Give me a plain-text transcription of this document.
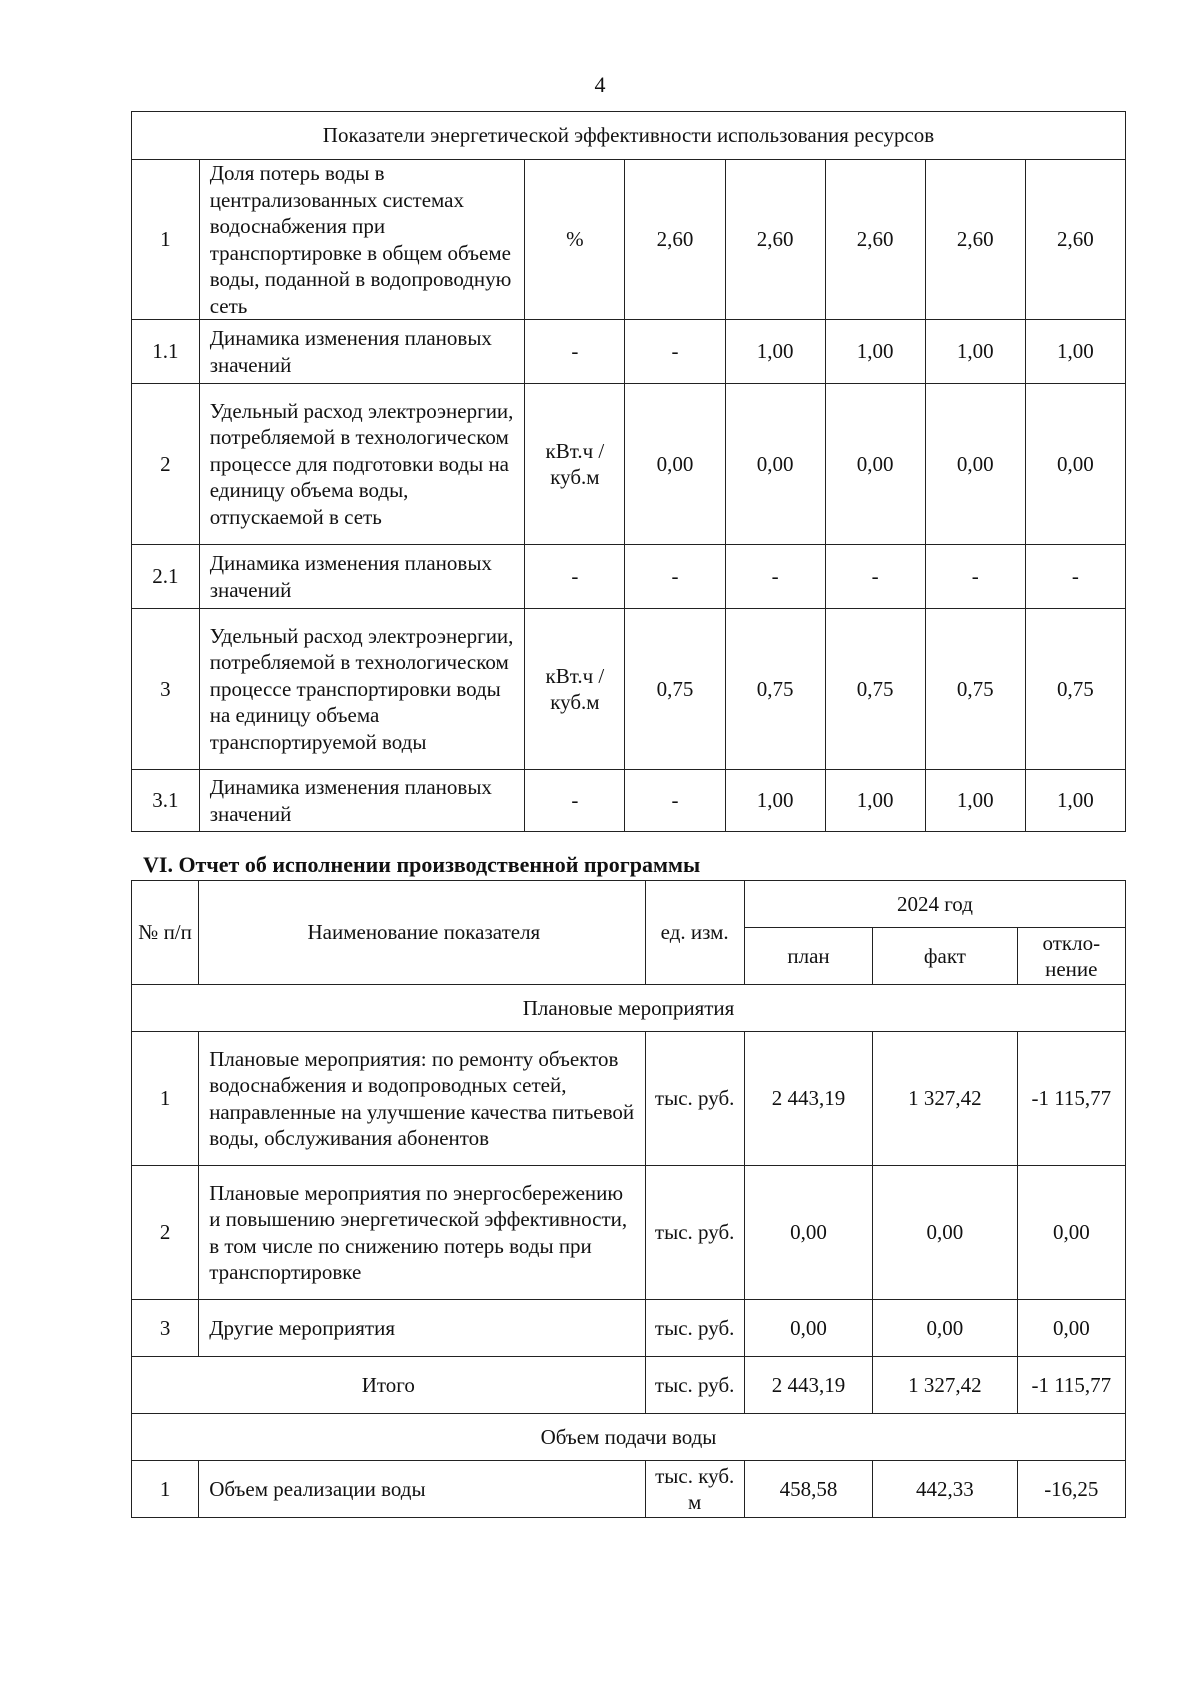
4
Показатели энергетической эффективности использования ресурсов							
1	Доля потерь воды в централизованных системах водоснабжения при транспортировке в общем объеме воды, поданной в водопроводную сеть	%	2,60	2,60	2,60	2,60	2,60
1.1	Динамика изменения плановых значений	-	-	1,00	1,00	1,00	1,00
2	Удельный расход электроэнергии, потребляемой в технологическом процессе для подготовки воды на единицу объема воды, отпускаемой в сеть	кВт.ч / куб.м	0,00	0,00	0,00	0,00	0,00
2.1	Динамика изменения плановых значений	-	-	-	-	-	-
3	Удельный расход электроэнергии, потребляемой в технологическом процессе транспортировки воды на единицу объема транспортируемой воды	кВт.ч / куб.м	0,75	0,75	0,75	0,75	0,75
3.1	Динамика изменения плановых значений	-	-	1,00	1,00	1,00	1,00
VI. Отчет об исполнении производственной программы
№ п/п	Наименование показателя	ед. изм.	2024 год		
			план	факт	откло-нение
Плановые мероприятия					
1	Плановые мероприятия: по ремонту объектов водоснабжения и водопроводных сетей, направленные на улучшение качества питьевой воды, обслуживания абонентов	тыс. руб.	2 443,19	1 327,42	-1 115,77
2	Плановые мероприятия по энергосбережению и повышению энергетической эффективности, в том числе по снижению потерь воды при транспортировке	тыс. руб.	0,00	0,00	0,00
3	Другие мероприятия	тыс. руб.	0,00	0,00	0,00
Итого		тыс. руб.	2 443,19	1 327,42	-1 115,77
Объем подачи воды					
1	Объем реализации воды	тыс. куб. м	458,58	442,33	-16,25
